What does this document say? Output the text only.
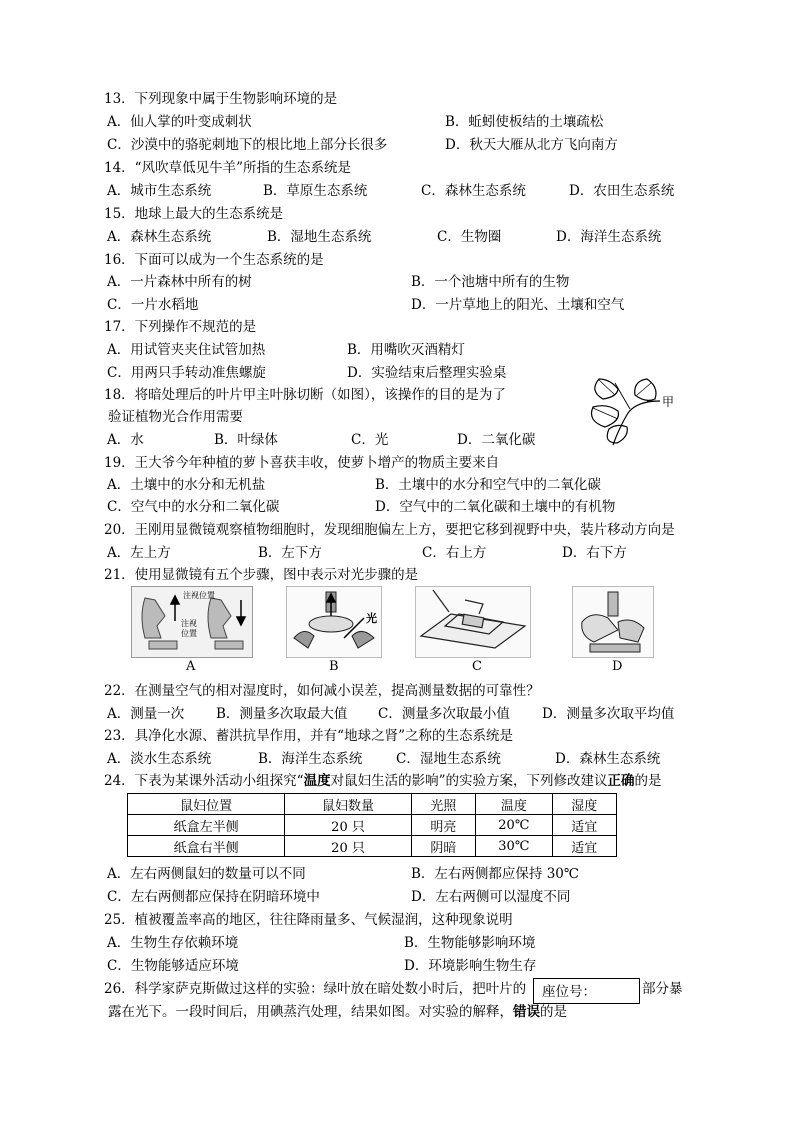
13．下列现象中属于生物影响环境的是
A．仙人掌的叶变成刺状	B．蚯蚓使板结的土壤疏松
C．沙漠中的骆驼刺地下的根比地上部分长很多	D．秋天大雁从北方飞向南方
14．“风吹草低见牛羊”所指的生态系统是
A．城市生态系统	B．草原生态系统	C．森林生态系统	D．农田生态系统
15．地球上最大的生态系统是
A．森林生态系统	B．湿地生态系统	C．生物圈	D．海洋生态系统
16．下面可以成为一个生态系统的是
A．一片森林中所有的树	B．一个池塘中所有的生物
C．一片水稻地	D．一片草地上的阳光、土壤和空气
17．下列操作不规范的是
A．用试管夹夹住试管加热	B．用嘴吹灭酒精灯
C．用两只手转动准焦螺旋	D．实验结束后整理实验桌
18．将暗处理后的叶片甲主叶脉切断（如图），该操作的目的是为了
验证植物光合作用需要
A．水	B．叶绿体	C．光	D．二氧化碳
甲
19．王大爷今年种植的萝卜喜获丰收，使萝卜增产的物质主要来自
A．土壤中的水分和无机盐	B．土壤中的水分和空气中的二氧化碳
C．空气中的水分和二氧化碳	D．空气中的二氧化碳和土壤中的有机物
20．王刚用显微镜观察植物细胞时，发现细胞偏左上方，要把它移到视野中央，装片移动方向是
A．左上方	B．左下方	C．右上方	D．右下方
21．使用显微镜有五个步骤，图中表示对光步骤的是
注视位置
注视
位置
A
光
B	C	D
22．在测量空气的相对湿度时，如何减小误差，提高测量数据的可靠性？
A．测量一次 B．测量多次取最大值 C．测量多次取最小值 D．测量多次取平均值
23．具净化水源、蓄洪抗旱作用，并有“地球之肾”之称的生态系统是
A．淡水生态系统	B．海洋生态系统 C．湿地生态系统	D．森林生态系统
24．下表为某课外活动小组探究“温度对鼠妇生活的影响”的实验方案，下列修改建议正确的是
鼠妇位置	鼠妇数量	光照	温度	湿度
纸盒左半侧	20 只	明亮	20℃	适宜
纸盒右半侧	20 只	阴暗	30℃	适宜
A．左右两侧鼠妇的数量可以不同	B．左右两侧都应保持 30℃
C．左右两侧都应保持在阴暗环境中	D．左右两侧可以湿度不同
25．植被覆盖率高的地区，往往降雨量多、气候湿润，这种现象说明
A．生物生存依赖环境	B．生物能够影响环境
C．生物能够适应环境	D．环境影响生物生存
26．科学家萨克斯做过这样的实验：绿叶放在暗处数小时后，把叶片的	部分暴
露在光下。一段时间后，用碘蒸汽处理，结果如图。对实验的解释，错误的是
座位号：
